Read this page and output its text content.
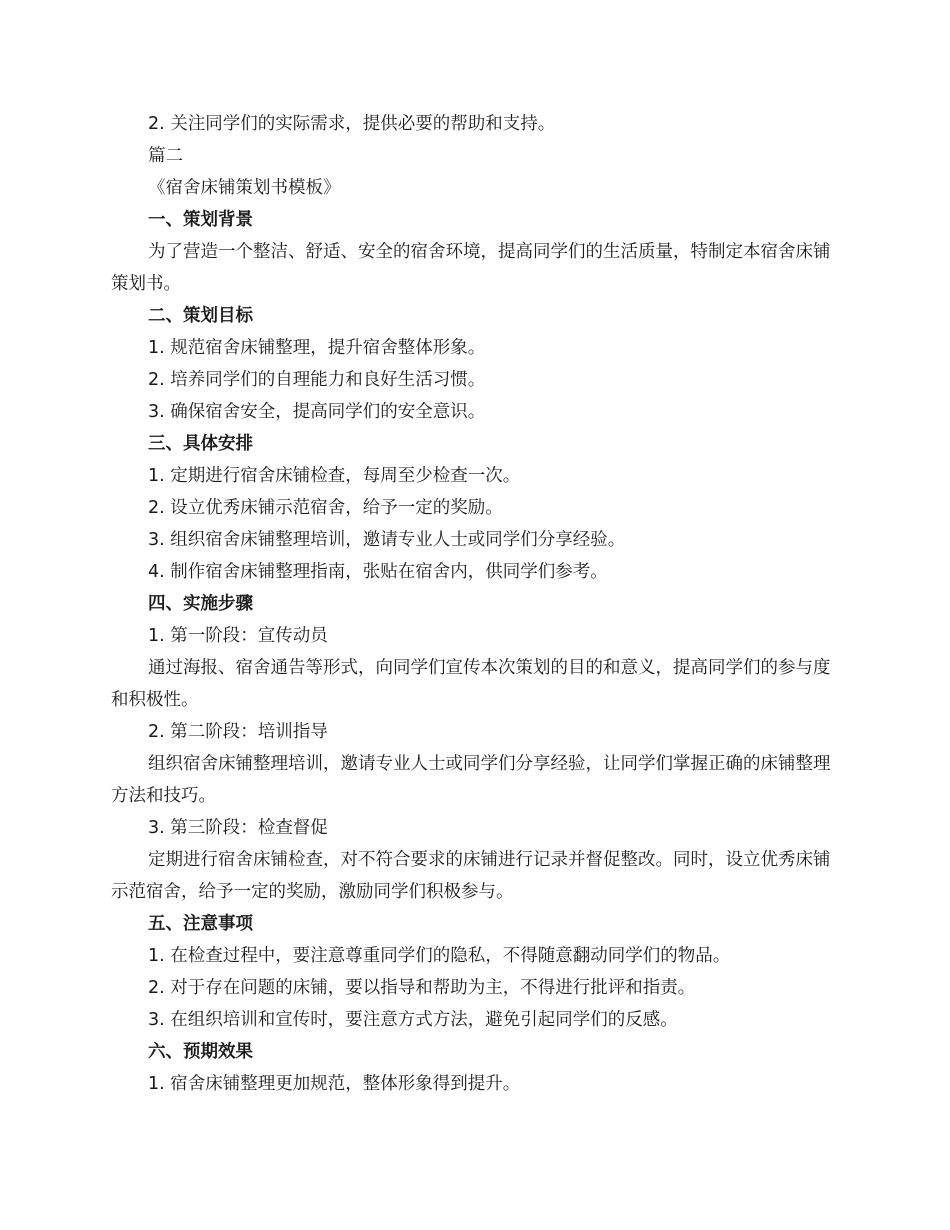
2. 关注同学们的实际需求，提供必要的帮助和支持。

篇二

《宿舍床铺策划书模板》

一、策划背景

为了营造一个整洁、舒适、安全的宿舍环境，提高同学们的生活质量，特制定本宿舍床铺策划书。

二、策划目标

1. 规范宿舍床铺整理，提升宿舍整体形象。

2. 培养同学们的自理能力和良好生活习惯。

3. 确保宿舍安全，提高同学们的安全意识。

三、具体安排

1. 定期进行宿舍床铺检查，每周至少检查一次。

2. 设立优秀床铺示范宿舍，给予一定的奖励。

3. 组织宿舍床铺整理培训，邀请专业人士或同学们分享经验。

4. 制作宿舍床铺整理指南，张贴在宿舍内，供同学们参考。

四、实施步骤

1. 第一阶段：宣传动员

通过海报、宿舍通告等形式，向同学们宣传本次策划的目的和意义，提高同学们的参与度和积极性。

2. 第二阶段：培训指导

组织宿舍床铺整理培训，邀请专业人士或同学们分享经验，让同学们掌握正确的床铺整理方法和技巧。

3. 第三阶段：检查督促

定期进行宿舍床铺检查，对不符合要求的床铺进行记录并督促整改。同时，设立优秀床铺示范宿舍，给予一定的奖励，激励同学们积极参与。

五、注意事项

1. 在检查过程中，要注意尊重同学们的隐私，不得随意翻动同学们的物品。

2. 对于存在问题的床铺，要以指导和帮助为主，不得进行批评和指责。

3. 在组织培训和宣传时，要注意方式方法，避免引起同学们的反感。

六、预期效果

1. 宿舍床铺整理更加规范，整体形象得到提升。
